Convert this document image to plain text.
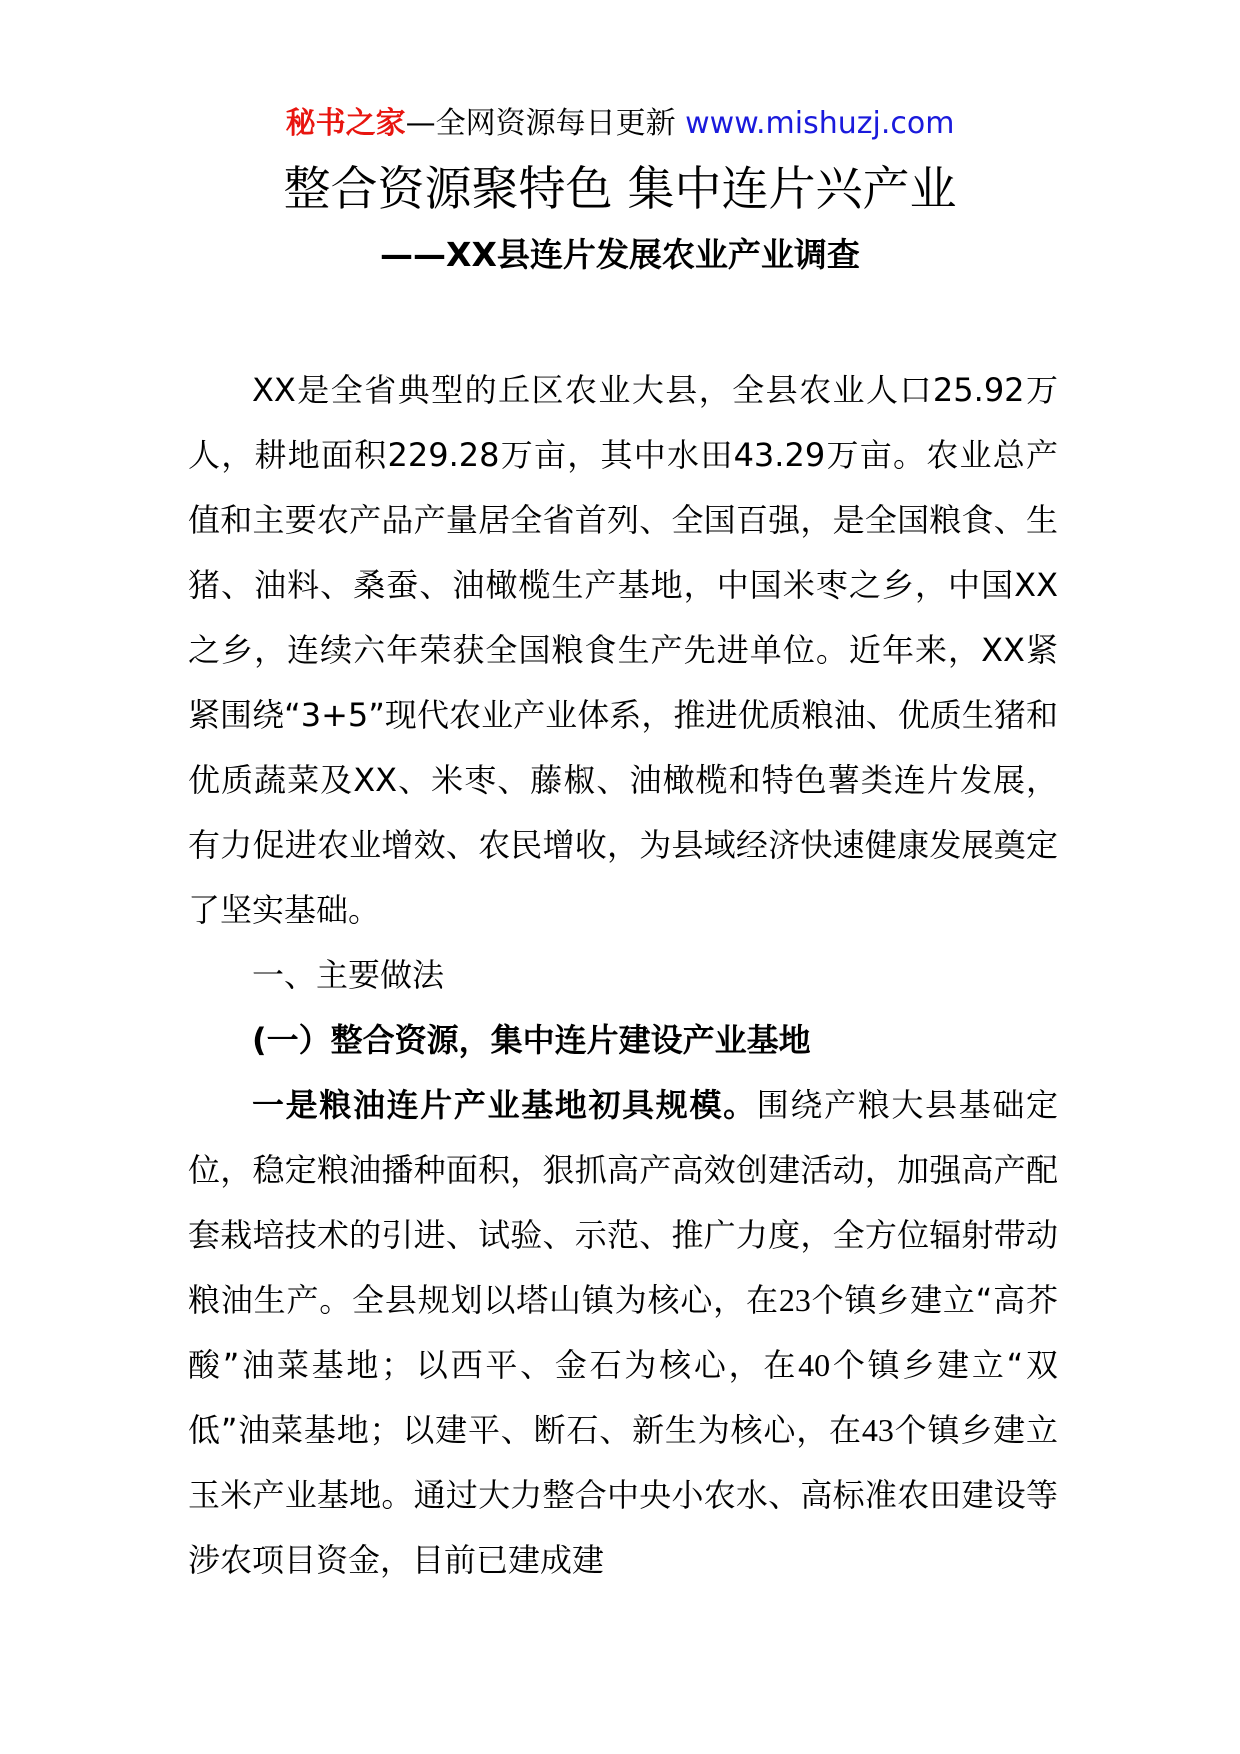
秘书之家—全网资源每日更新 www.mishuzj.com
整合资源聚特色 集中连片兴产业
——XX县连片发展农业产业调查

XX是全省典型的丘区农业大县，全县农业人口25.92万人，耕地面积229.28万亩，其中水田43.29万亩。农业总产值和主要农产品产量居全省首列、全国百强，是全国粮食、生猪、油料、桑蚕、油橄榄生产基地，中国米枣之乡，中国XX之乡，连续六年荣获全国粮食生产先进单位。近年来，XX紧紧围绕“3+5”现代农业产业体系，推进优质粮油、优质生猪和优质蔬菜及XX、米枣、藤椒、油橄榄和特色薯类连片发展，有力促进农业增效、农民增收，为县域经济快速健康发展奠定了坚实基础。

一、主要做法

(一）整合资源，集中连片建设产业基地

一是粮油连片产业基地初具规模。围绕产粮大县基础定位，稳定粮油播种面积，狠抓高产高效创建活动，加强高产配套栽培技术的引进、试验、示范、推广力度，全方位辐射带动粮油生产。全县规划以塔山镇为核心，在23个镇乡建立“高芥酸”油菜基地；以西平、金石为核心，在40个镇乡建立“双低”油菜基地；以建平、断石、新生为核心，在43个镇乡建立玉米产业基地。通过大力整合中央小农水、高标准农田建设等涉农项目资金，目前已建成建
